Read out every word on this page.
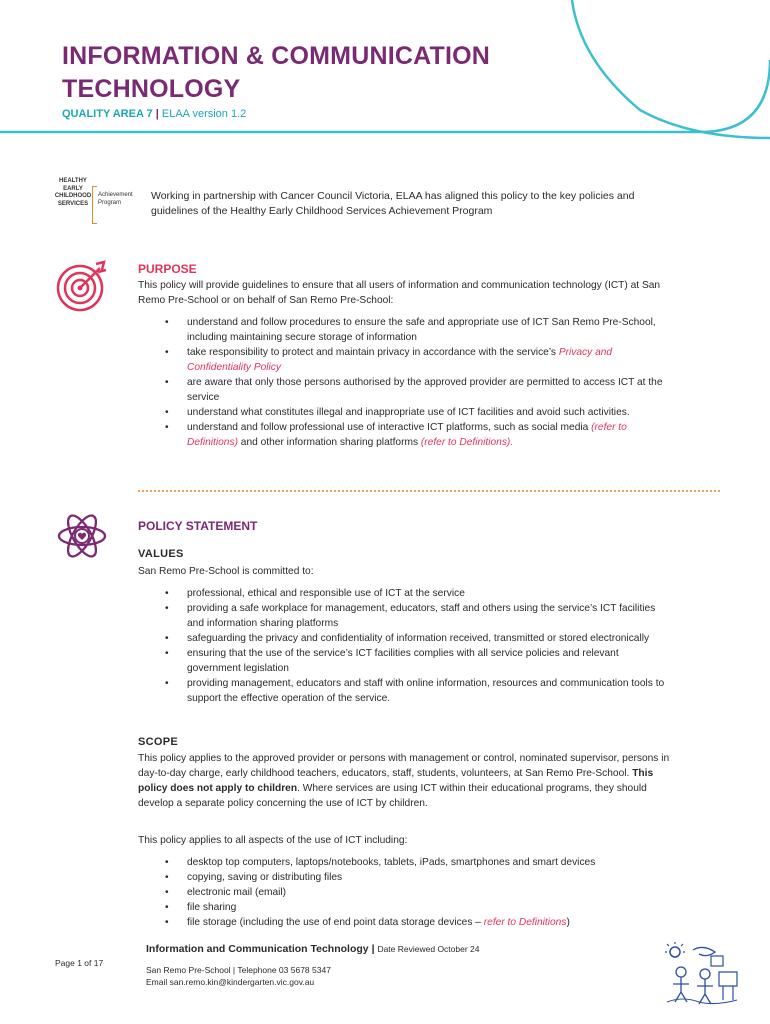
INFORMATION & COMMUNICATION TECHNOLOGY
QUALITY AREA 7 | ELAA version 1.2
HEALTHY EARLY CHILDHOOD SERVICES
Achievement Program
Working in partnership with Cancer Council Victoria, ELAA has aligned this policy to the key policies and guidelines of the Healthy Early Childhood Services Achievement Program
PURPOSE

This policy will provide guidelines to ensure that all users of information and communication technology (ICT) at San Remo Pre-School or on behalf of San Remo Pre-School:

• understand and follow procedures to ensure the safe and appropriate use of ICT San Remo Pre-School, including maintaining secure storage of information
• take responsibility to protect and maintain privacy in accordance with the service’s Privacy and Confidentiality Policy
• are aware that only those persons authorised by the approved provider are permitted to access ICT at the service
• understand what constitutes illegal and inappropriate use of ICT facilities and avoid such activities.
• understand and follow professional use of interactive ICT platforms, such as social media (refer to Definitions) and other information sharing platforms (refer to Definitions).
POLICY STATEMENT
VALUES

San Remo Pre-School is committed to:

• professional, ethical and responsible use of ICT at the service
• providing a safe workplace for management, educators, staff and others using the service’s ICT facilities and information sharing platforms
• safeguarding the privacy and confidentiality of information received, transmitted or stored electronically
• ensuring that the use of the service’s ICT facilities complies with all service policies and relevant government legislation
• providing management, educators and staff with online information, resources and communication tools to support the effective operation of the service.
SCOPE

This policy applies to the approved provider or persons with management or control, nominated supervisor, persons in day-to-day charge, early childhood teachers, educators, staff, students, volunteers, at San Remo Pre-School. This policy does not apply to children. Where services are using ICT within their educational programs, they should develop a separate policy concerning the use of ICT by children.

This policy applies to all aspects of the use of ICT including:

• desktop top computers, laptops/notebooks, tablets, iPads, smartphones and smart devices
• copying, saving or distributing files
• electronic mail (email)
• file sharing
• file storage (including the use of end point data storage devices – refer to Definitions)
Page 1 of 17
Information and Communication Technology | Date Reviewed October 24
San Remo Pre-School | Telephone 03 5678 5347
Email san.remo.kin@kindergarten.vic.gov.au
